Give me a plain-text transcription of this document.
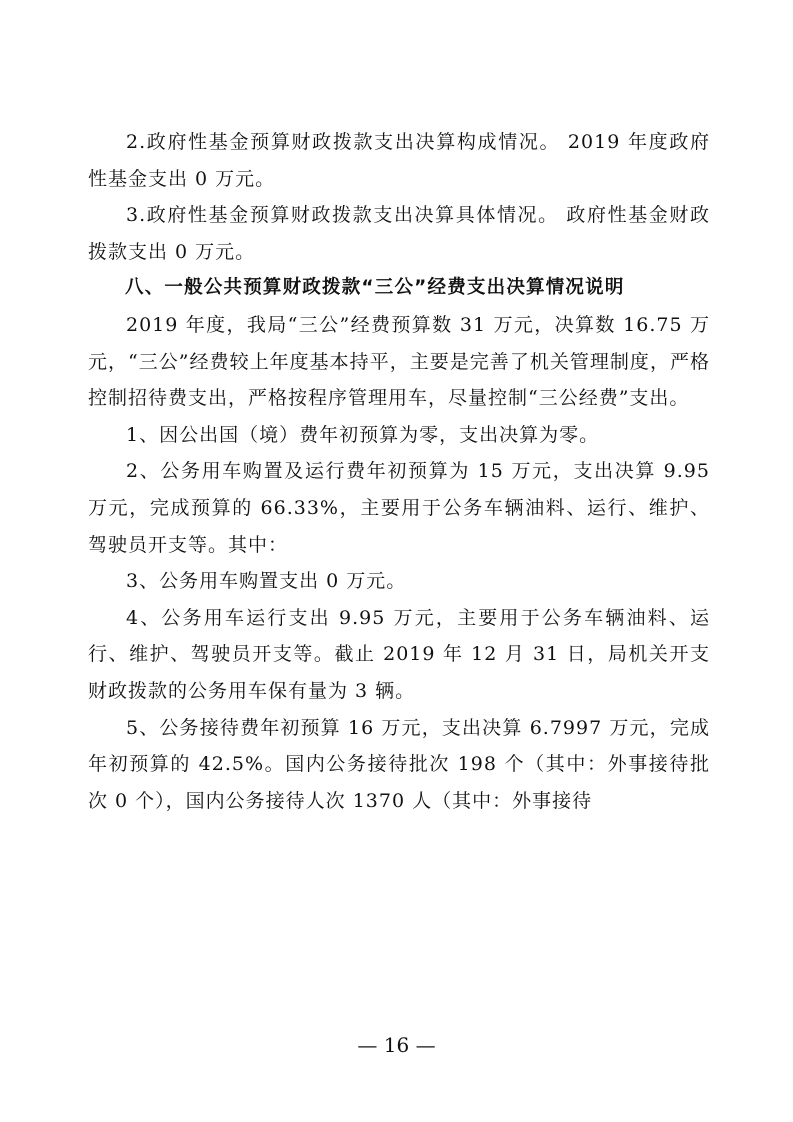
2.政府性基金预算财政拨款支出决算构成情况。 2019 年度政府性基金支出 0 万元。

3.政府性基金预算财政拨款支出决算具体情况。 政府性基金财政拨款支出 0 万元。

八、一般公共预算财政拨款“三公”经费支出决算情况说明

2019 年度，我局“三公”经费预算数 31 万元，决算数 16.75 万元，“三公”经费较上年度基本持平，主要是完善了机关管理制度，严格控制招待费支出，严格按程序管理用车，尽量控制“三公经费”支出。

1、因公出国（境）费年初预算为零，支出决算为零。

2、公务用车购置及运行费年初预算为 15 万元，支出决算 9.95 万元，完成预算的 66.33%，主要用于公务车辆油料、运行、维护、驾驶员开支等。其中：

3、公务用车购置支出 0 万元。

4、公务用车运行支出 9.95 万元，主要用于公务车辆油料、运行、维护、驾驶员开支等。截止 2019 年 12 月 31 日，局机关开支财政拨款的公务用车保有量为 3 辆。

5、公务接待费年初预算 16 万元，支出决算 6.7997 万元，完成年初预算的 42.5%。国内公务接待批次 198 个（其中：外事接待批次 0 个），国内公务接待人次 1370 人（其中：外事接待

— 16 —
